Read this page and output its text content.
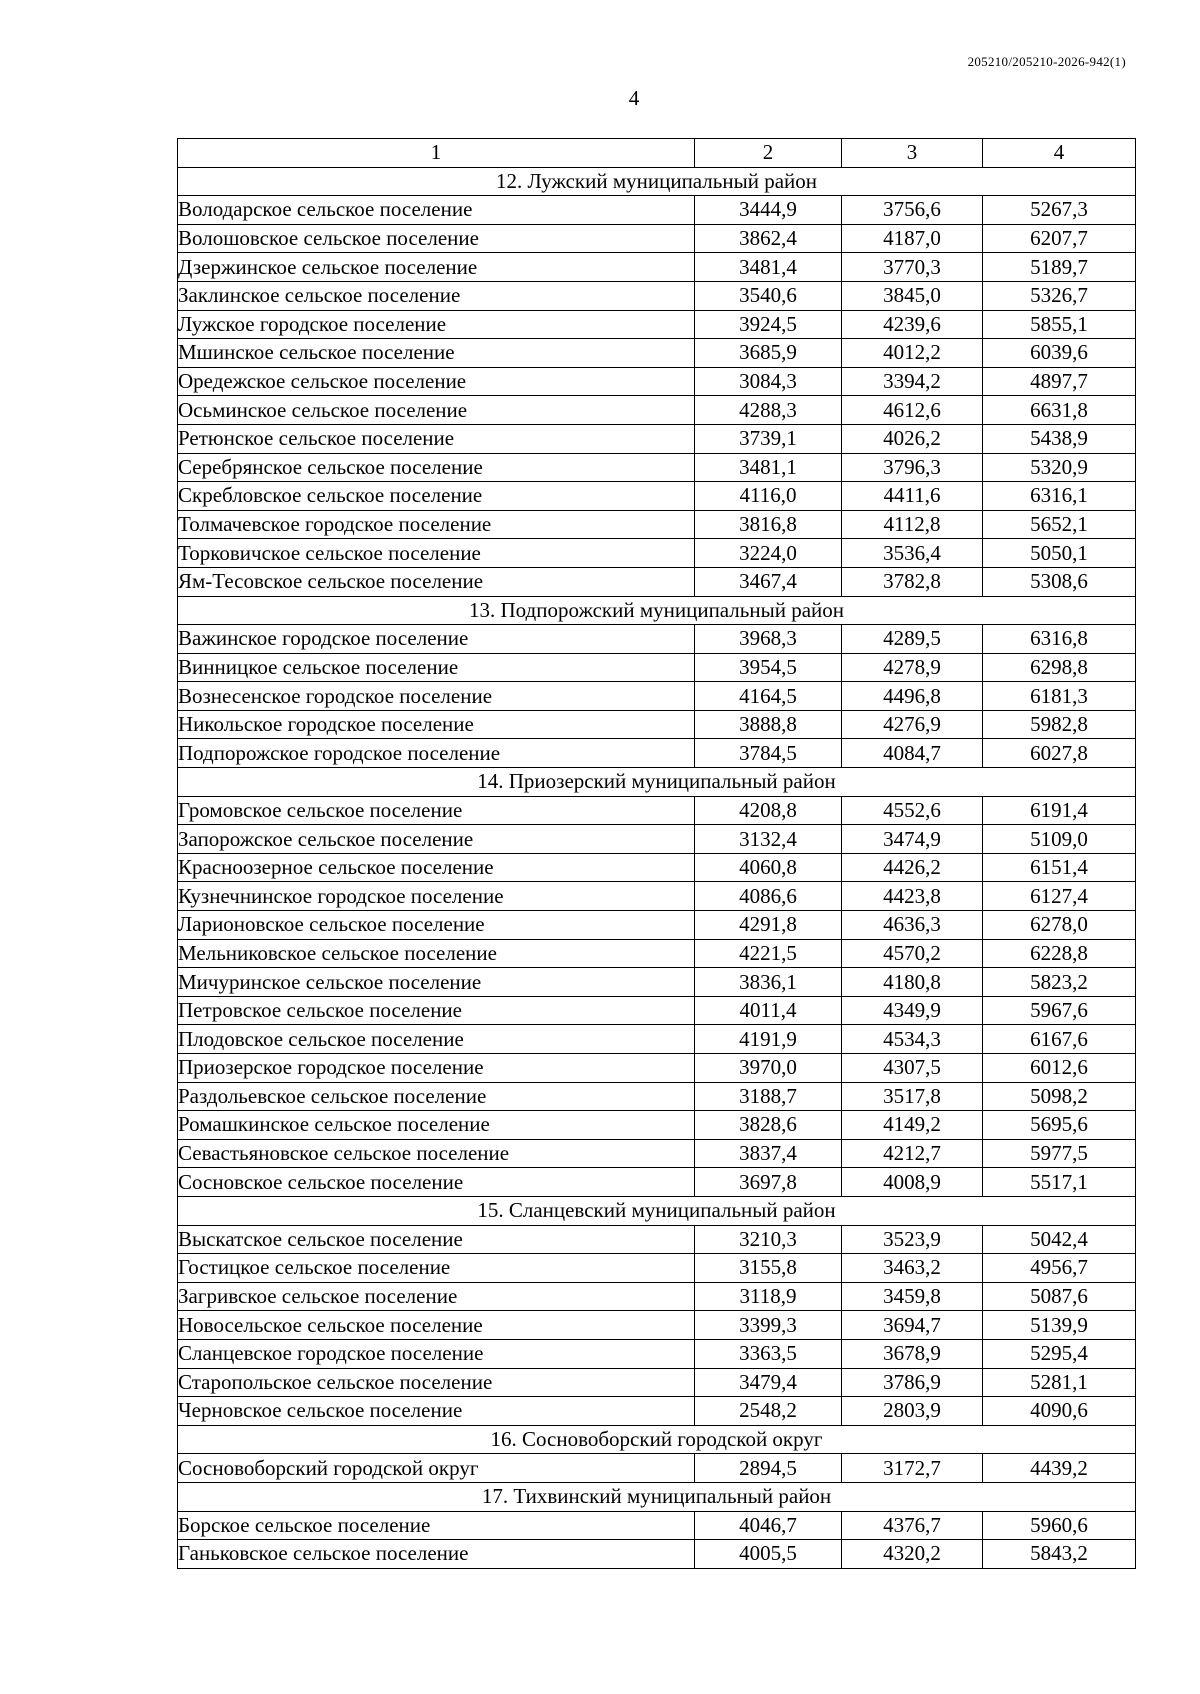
205210/205210-2026-942(1)
4
1	2	3	4
12. Лужский муниципальный район			
Володарское сельское поселение	3444,9	3756,6	5267,3
Волошовское сельское поселение	3862,4	4187,0	6207,7
Дзержинское сельское поселение	3481,4	3770,3	5189,7
Заклинское сельское поселение	3540,6	3845,0	5326,7
Лужское городское поселение	3924,5	4239,6	5855,1
Мшинское сельское поселение	3685,9	4012,2	6039,6
Оредежское сельское поселение	3084,3	3394,2	4897,7
Осьминское сельское поселение	4288,3	4612,6	6631,8
Ретюнское сельское поселение	3739,1	4026,2	5438,9
Серебрянское сельское поселение	3481,1	3796,3	5320,9
Скребловское сельское поселение	4116,0	4411,6	6316,1
Толмачевское городское поселение	3816,8	4112,8	5652,1
Торковичское сельское поселение	3224,0	3536,4	5050,1
Ям-Тесовское сельское поселение	3467,4	3782,8	5308,6
13. Подпорожский муниципальный район			
Важинское городское поселение	3968,3	4289,5	6316,8
Винницкое сельское поселение	3954,5	4278,9	6298,8
Вознесенское городское поселение	4164,5	4496,8	6181,3
Никольское городское поселение	3888,8	4276,9	5982,8
Подпорожское городское поселение	3784,5	4084,7	6027,8
14. Приозерский муниципальный район			
Громовское сельское поселение	4208,8	4552,6	6191,4
Запорожское сельское поселение	3132,4	3474,9	5109,0
Красноозерное сельское поселение	4060,8	4426,2	6151,4
Кузнечнинское городское поселение	4086,6	4423,8	6127,4
Ларионовское сельское поселение	4291,8	4636,3	6278,0
Мельниковское сельское поселение	4221,5	4570,2	6228,8
Мичуринское сельское поселение	3836,1	4180,8	5823,2
Петровское сельское поселение	4011,4	4349,9	5967,6
Плодовское сельское поселение	4191,9	4534,3	6167,6
Приозерское городское поселение	3970,0	4307,5	6012,6
Раздольевское сельское поселение	3188,7	3517,8	5098,2
Ромашкинское сельское поселение	3828,6	4149,2	5695,6
Севастьяновское сельское поселение	3837,4	4212,7	5977,5
Сосновское сельское поселение	3697,8	4008,9	5517,1
15. Сланцевский муниципальный район			
Выскатское сельское поселение	3210,3	3523,9	5042,4
Гостицкое сельское поселение	3155,8	3463,2	4956,7
Загривское сельское поселение	3118,9	3459,8	5087,6
Новосельское сельское поселение	3399,3	3694,7	5139,9
Сланцевское городское поселение	3363,5	3678,9	5295,4
Старопольское сельское поселение	3479,4	3786,9	5281,1
Черновское сельское поселение	2548,2	2803,9	4090,6
16. Сосновоборский городской округ			
Сосновоборский городской округ	2894,5	3172,7	4439,2
17. Тихвинский муниципальный район			
Борское сельское поселение	4046,7	4376,7	5960,6
Ганьковское сельское поселение	4005,5	4320,2	5843,2
